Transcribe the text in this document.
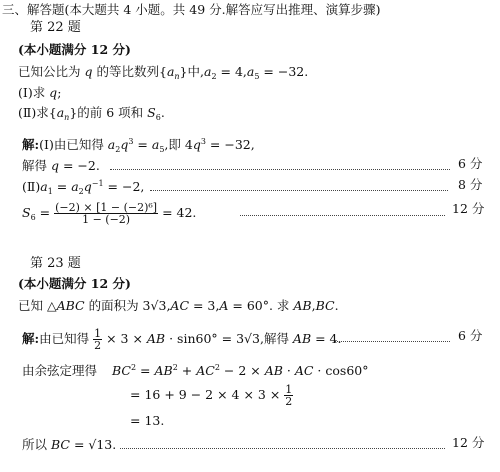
三、解答题(本大题共 4 小题。共 49 分.解答应写出推理、演算步骤)
第 22 题
(本小题满分 12 分)
已知公比为 q 的等比数列$\{a_n\}$中$,a_2 = 4,a_5 = -32$.
(Ⅰ)求 q;
(Ⅱ)求$\{a_n\}$的前 6 项和 $S_6$.
解:(Ⅰ)由已知得 $a_2q^3 = a_5$,即 $4q^3 = -32$,
解得 q = −2.	6 分
$(Ⅱ)a_1 = a_2q^{-1} = -2$,	8 分
$S_6 = \frac{\text{(−2) × [1 − (−2)⁶]}}{1 - (-2)} = 42$.	12 分
第 23 题
(本小题满分 12 分)
已知 △ABC 的面积为 3√3,AC = 3,A = 60°. 求 AB,BC.
解:由已知得 $\frac{1}{2} \times 3$ × AB · sin60° = 3√3,解得 AB = 4.	6 分
由余弦定理得 $BC^2 = AB^2 + AC^2 - 2$ × AB · AC · cos60°
= $16 + 9 - 2 \times 4 \times 3 \times \frac{1}{2}$
= 13.
所以 BC = √13.	12 分
